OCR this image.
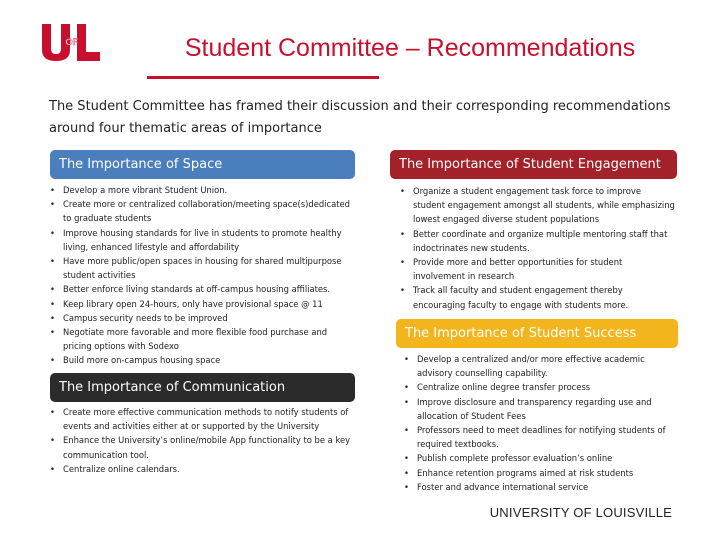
OF	Student Committee – Recommendations
The Student Committee has framed their discussion and their corresponding recommendations around four thematic areas of importance
The Importance of Space
• Develop a more vibrant Student Union.
• Create more or centralized collaboration/meeting space(s)dedicated to graduate students
• Improve housing standards for live in students to promote healthy living, enhanced lifestyle and affordability
• Have more public/open spaces in housing for shared multipurpose student activities
• Better enforce living standards at off-campus housing affiliates.
• Keep library open 24-hours, only have provisional space @ 11
• Campus security needs to be improved
• Negotiate more favorable and more flexible food purchase and pricing options with Sodexo
• Build more on-campus housing space
The Importance of Communication
• Create more effective communication methods to notify students of events and activities either at or supported by the University
• Enhance the University’s online/mobile App functionality to be a key communication tool.
• Centralize online calendars.
The Importance of Student Engagement
• Organize a student engagement task force to improve student engagement amongst all students, while emphasizing lowest engaged diverse student populations
• Better coordinate and organize multiple mentoring staff that indoctrinates new students.
• Provide more and better opportunities for student involvement in research
• Track all faculty and student engagement thereby encouraging faculty to engage with students more.
The Importance of Student Success
• Develop a centralized and/or more effective academic advisory counselling capability.
• Centralize online degree transfer process
• Improve disclosure and transparency regarding use and allocation of Student Fees
• Professors need to meet deadlines for notifying students of required textbooks.
• Publish complete professor evaluation’s online
• Enhance retention programs aimed at risk students
• Foster and advance international service
UNIVERSITY OF LOUISVILLE
